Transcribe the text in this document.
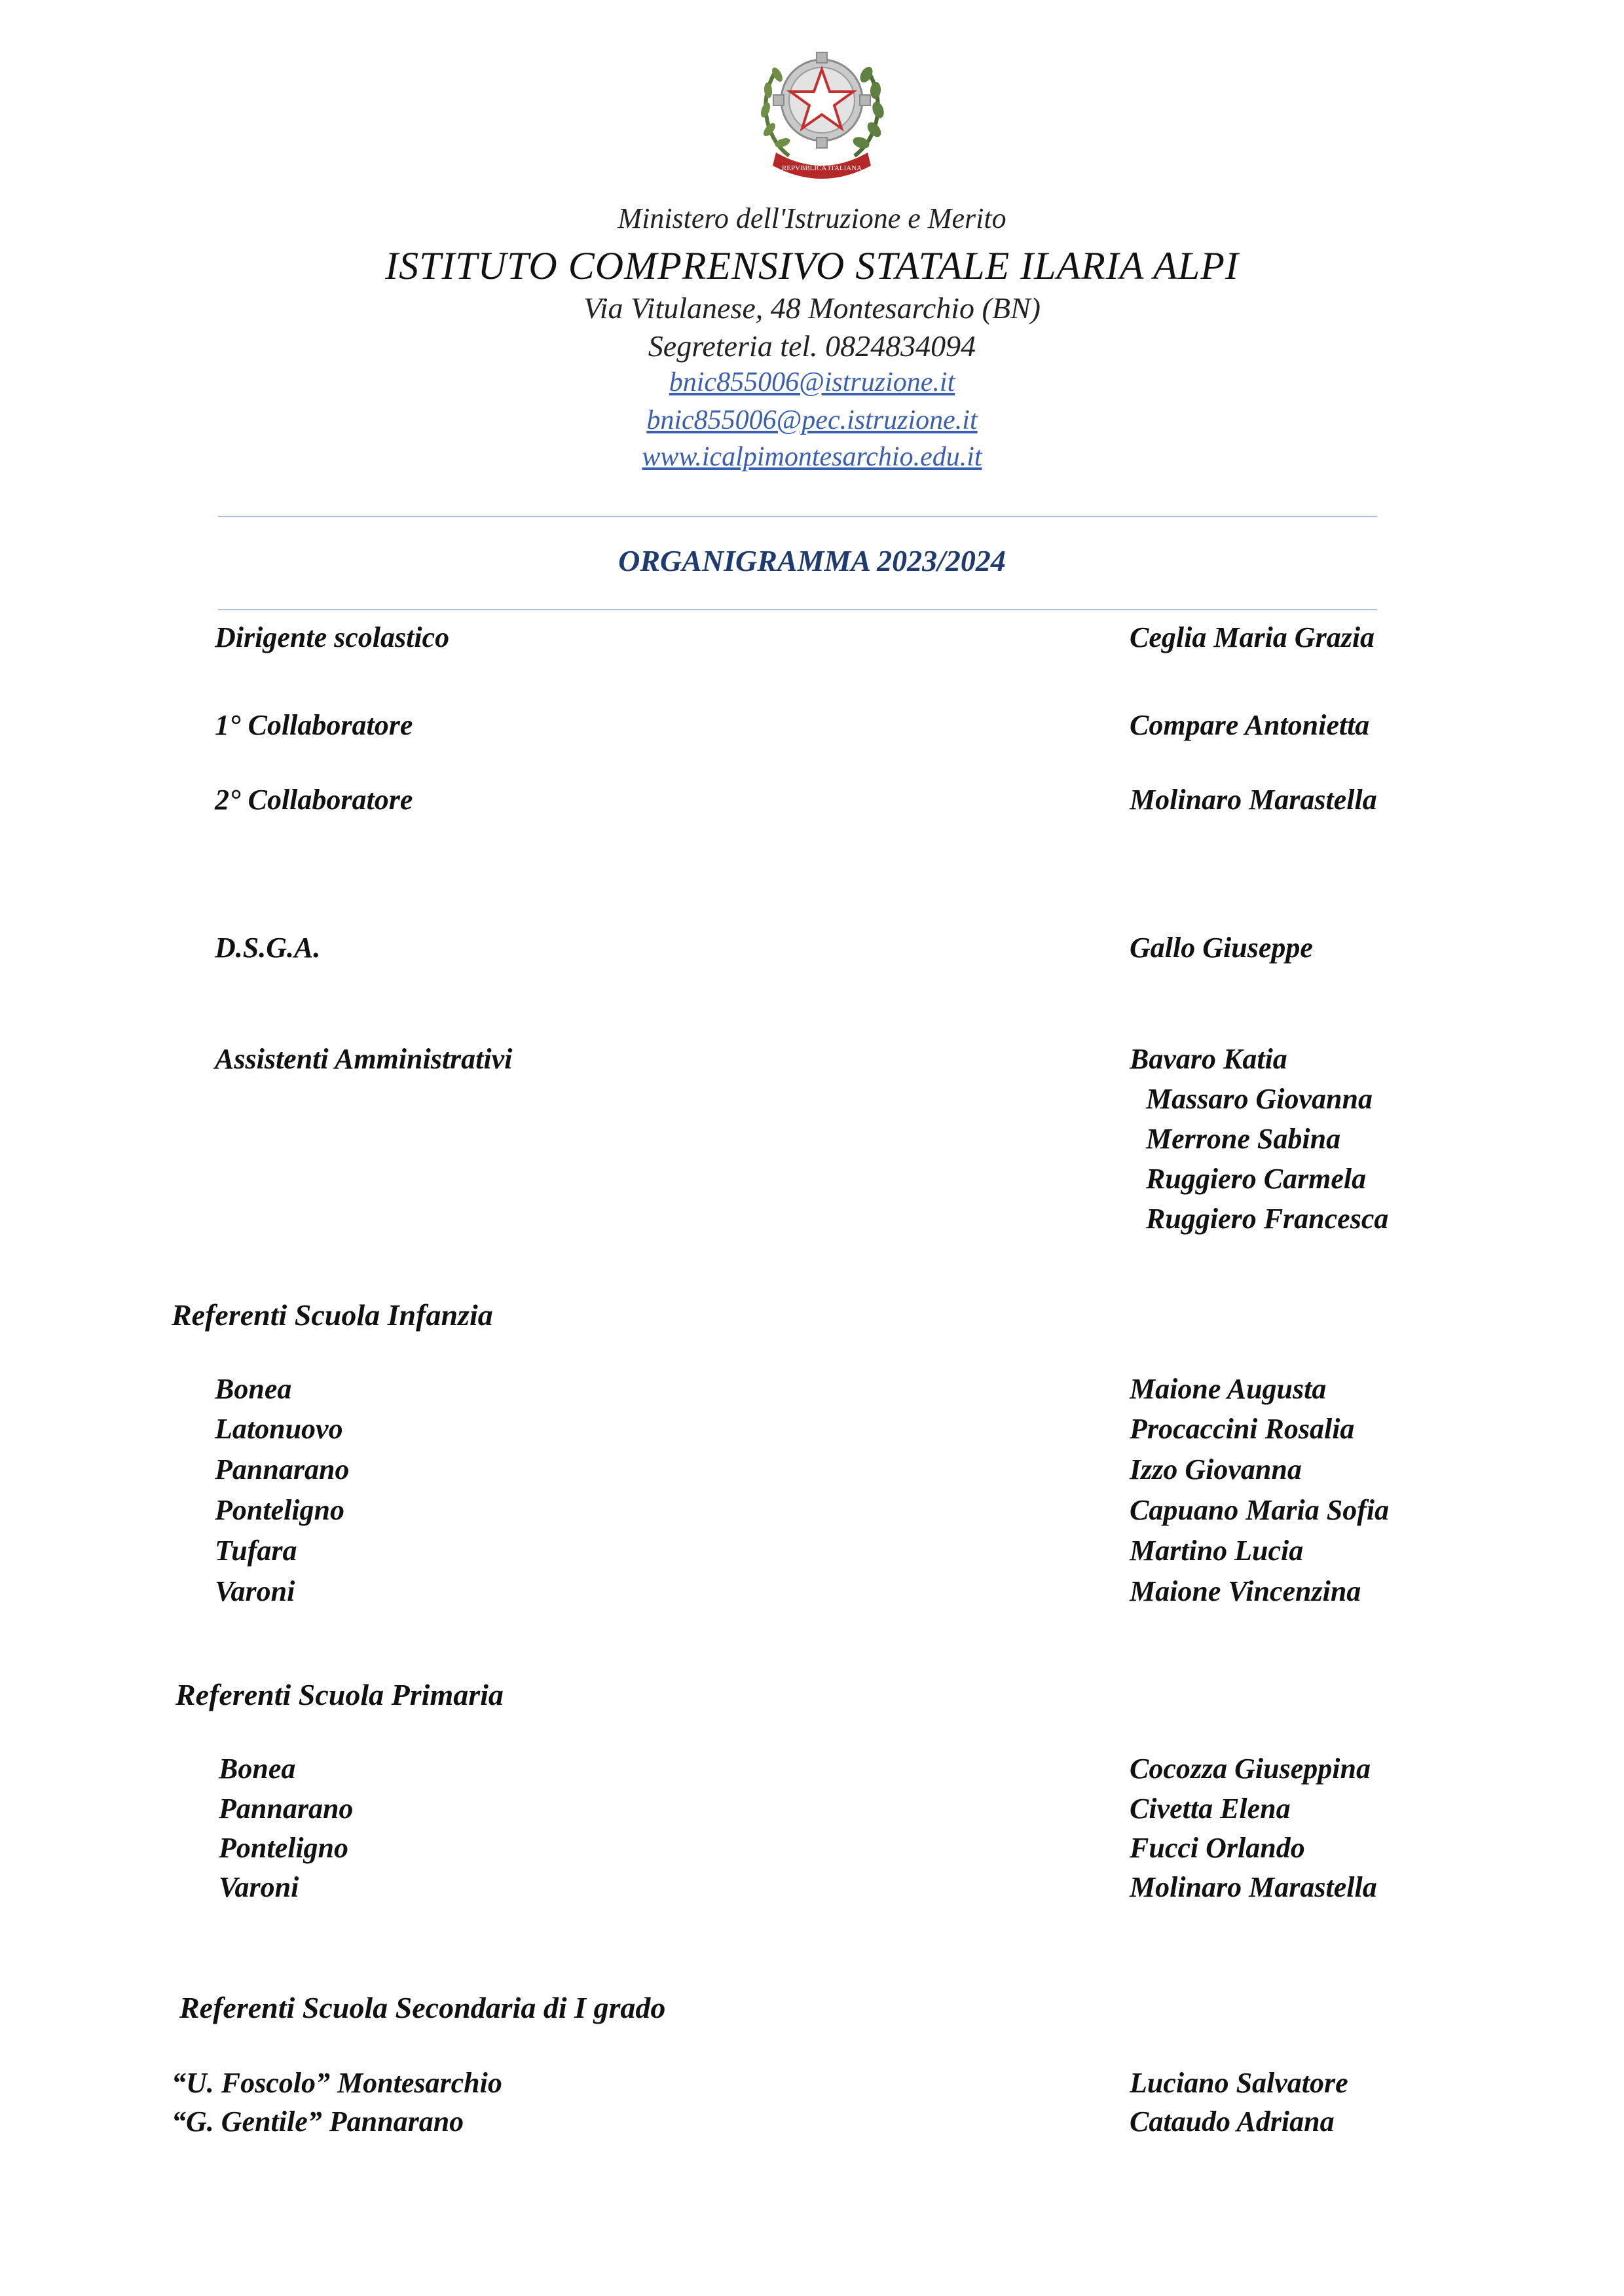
REPVBBLICA ITALIANA
Ministero dell'Istruzione e Merito
ISTITUTO COMPRENSIVO STATALE ILARIA ALPI
Via Vitulanese, 48 Montesarchio (BN)
Segreteria tel. 0824834094
bnic855006@istruzione.it
bnic855006@pec.istruzione.it
www.icalpimontesarchio.edu.it
ORGANIGRAMMA 2023/2024
Dirigente scolastico	Ceglia Maria Grazia
1° Collaboratore	Compare Antonietta
2° Collaboratore	Molinaro Marastella
D.S.G.A.	Gallo Giuseppe
Assistenti Amministrativi	Bavaro Katia
Massaro Giovanna
Merrone Sabina
Ruggiero Carmela
Ruggiero Francesca
Referenti Scuola Infanzia
Bonea	Maione Augusta
Latonuovo	Procaccini Rosalia
Pannarano	Izzo Giovanna
Ponteligno	Capuano Maria Sofia
Tufara	Martino Lucia
Varoni	Maione Vincenzina
Referenti Scuola Primaria
Bonea	Cocozza Giuseppina
Pannarano	Civetta Elena
Ponteligno	Fucci Orlando
Varoni	Molinaro Marastella
Referenti Scuola Secondaria di I grado
“U. Foscolo” Montesarchio	Luciano Salvatore
“G. Gentile” Pannarano	Cataudo Adriana
